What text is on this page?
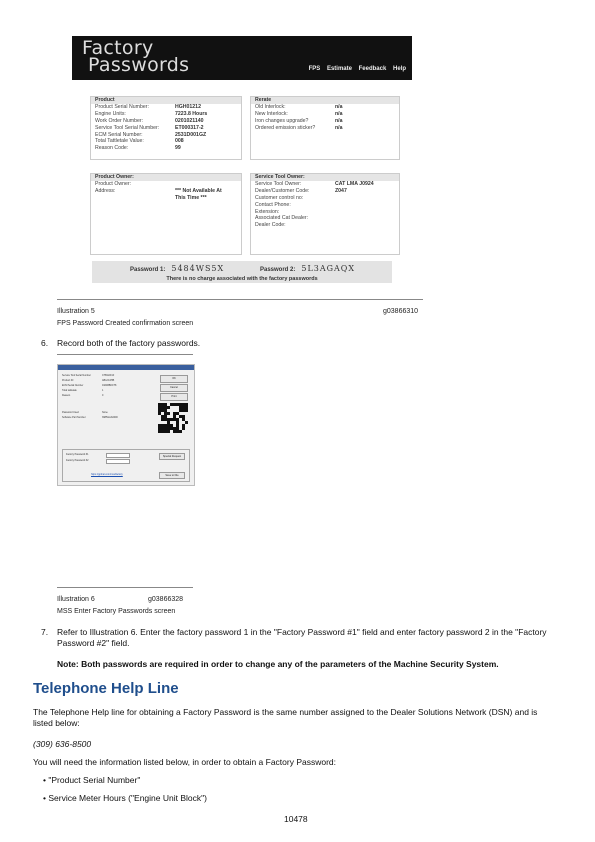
Factory
Passwords	FPS Estimate Feedback Help
Product
Product Serial Number:	HGH01212
Engine Units:	7223.8 Hours
Work Order Number:	0201021140
Service Tool Serial Number:	ET000317-2
ECM Serial Number:	2531D001GZ
Total Tattletale Value:	008
Reason Code:	99
Rerate
Old Interlock:	n/a
New Interlock:	n/a
Iron changes upgrade?	n/a
Ordered emission sticker?	n/a
Product Owner:
Product Owner:
Address:	*** Not Available At This Time ***
Service Tool Owner:
Service Tool Owner:	CAT LMA J0924
Dealer/Customer Code:	Z047
Customer control no:
Contact Phone:
Extension:
Associated Cat Dealer:
Dealer Code:
Password 1: 5484WS5X	Password 2: 5L3AGAQX
There is no charge associated with the factory passwords
Illustration 5	g03866310
FPS Password Created confirmation screen
6. Record both of the factory passwords.
Service Tool Serial Number	CTBG0F1F
Product ID	AB12C4HB
ECM Serial Number	0164BB0CT8
Total tattletale	1
Reason	0
Password Used	None
Software Part Number	3985GAA0000
OK
Cancel
Print
Factory Password #1
Factory Password #2
Special Request
Save to File
https://gpfcat.com/mss/factory
Illustration 6	g03866328
MSS Enter Factory Passwords screen
7. Refer to Illustration 6. Enter the factory password 1 in the "Factory Password #1" field and enter factory password 2 in the "Factory Password #2" field.
Note: Both passwords are required in order to change any of the parameters of the Machine Security System.
Telephone Help Line
The Telephone Help line for obtaining a Factory Password is the same number assigned to the Dealer Solutions Network (DSN) and is listed below:
(309) 636-8500
You will need the information listed below, in order to obtain a Factory Password:
• "Product Serial Number"
• Service Meter Hours ("Engine Unit Block")
10478
